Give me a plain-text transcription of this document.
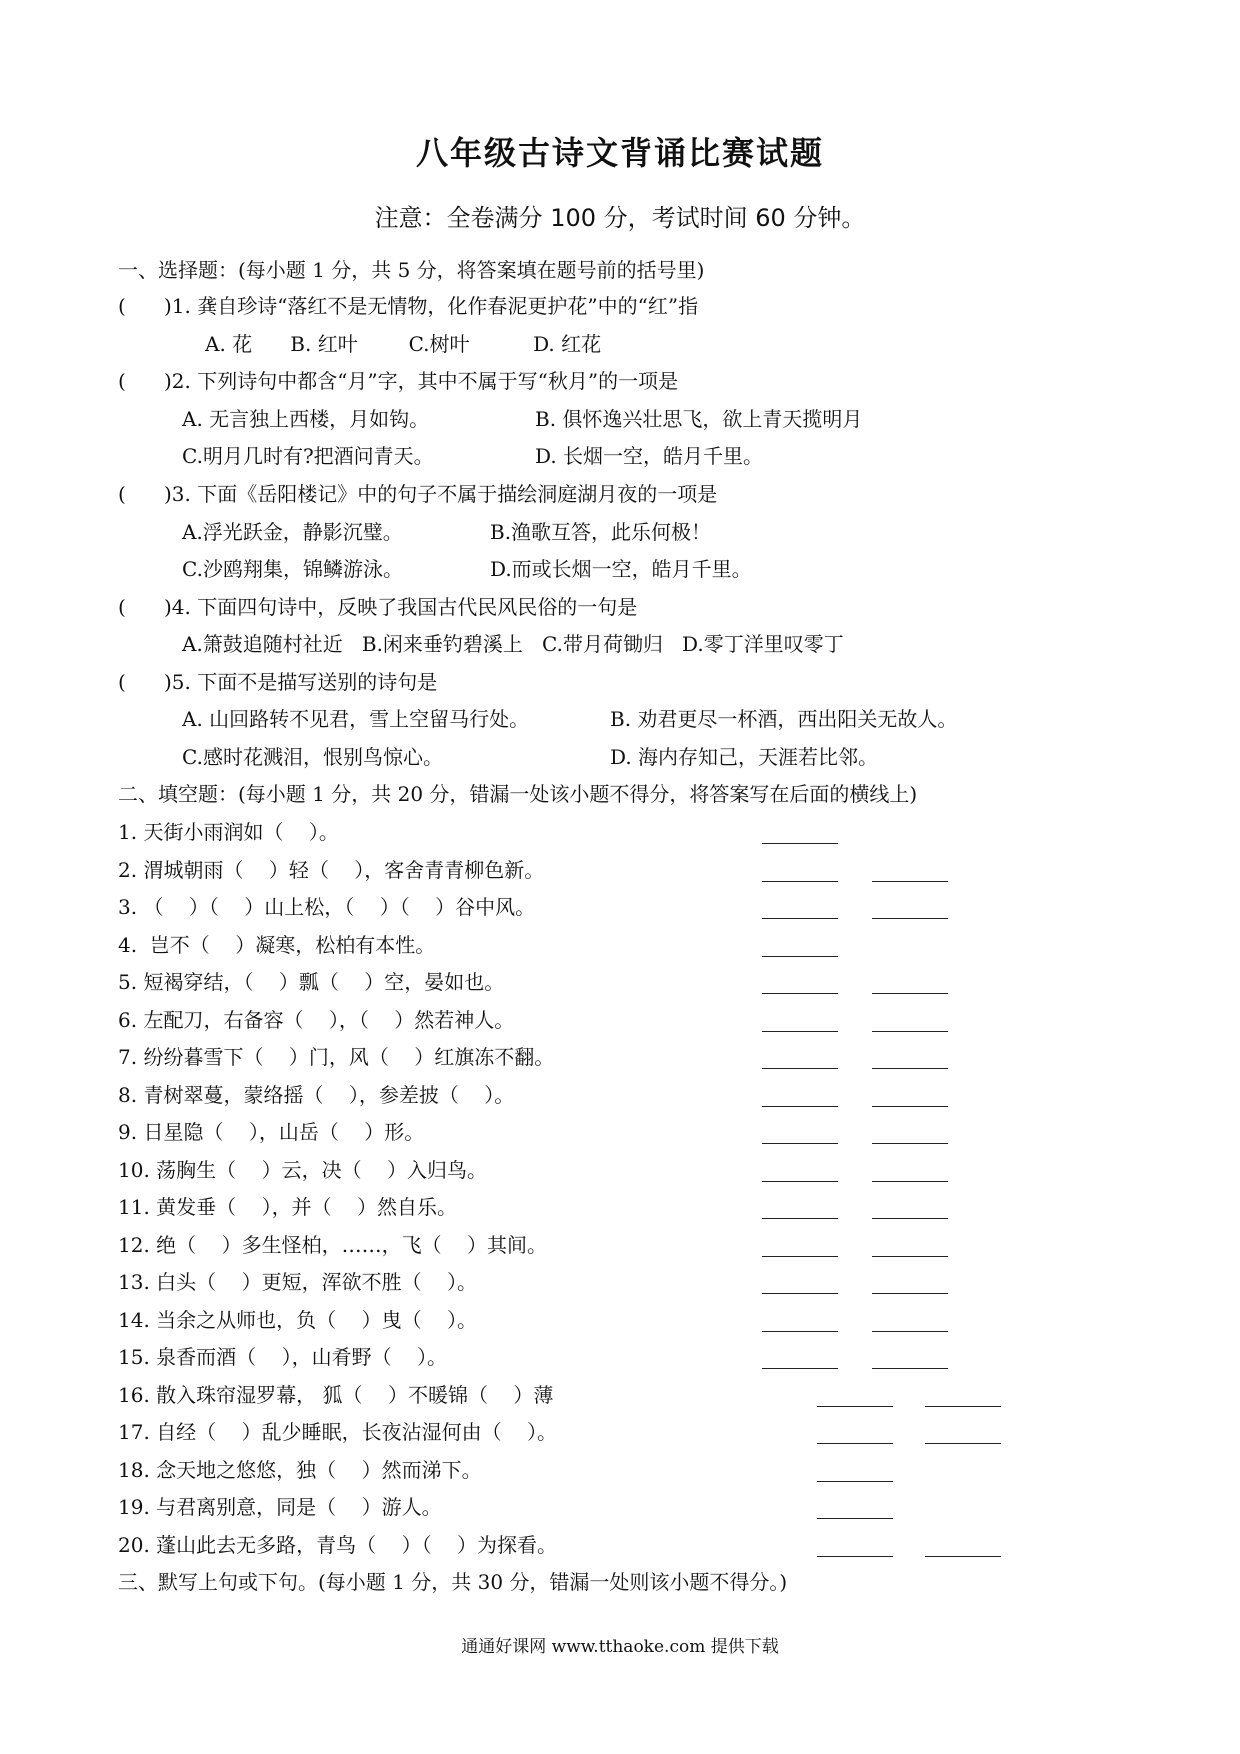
八年级古诗文背诵比赛试题
注意：全卷满分 100 分，考试时间 60 分钟。
一、选择题：(每小题 1 分，共 5 分，将答案填在题号前的括号里)
(      )1. 龚自珍诗“落红不是无情物，化作春泥更护花”中的“红”指
A. 花      B. 红叶        C.树叶          D. 红花
(      )2. 下列诗句中都含“月”字，其中不属于写“秋月”的一项是
A. 无言独上西楼，月如钩。	B. 俱怀逸兴壮思飞，欲上青天揽明月
C.明月几时有?把酒问青天。	D. 长烟一空，皓月千里。
(      )3. 下面《岳阳楼记》中的句子不属于描绘洞庭湖月夜的一项是
A.浮光跃金，静影沉璧。	B.渔歌互答，此乐何极！
C.沙鸥翔集，锦鳞游泳。	D.而或长烟一空，皓月千里。
(      )4. 下面四句诗中，反映了我国古代民风民俗的一句是
A.箫鼓追随村社近   B.闲来垂钓碧溪上   C.带月荷锄归   D.零丁洋里叹零丁
(      )5. 下面不是描写送别的诗句是
A. 山回路转不见君，雪上空留马行处。	B. 劝君更尽一杯酒，西出阳关无故人。
C.感时花溅泪，恨别鸟惊心。	D. 海内存知己，天涯若比邻。
二、填空题：(每小题 1 分，共 20 分，错漏一处该小题不得分，将答案写在后面的横线上)
1. 天街小雨润如（    ）。
2. 渭城朝雨（    ）轻（    ），客舍青青柳色新。
3. （    ）（    ）山上松，（    ）（    ）谷中风。
4.  岂不（    ）凝寒，松柏有本性。
5. 短褐穿结，（    ）瓢（    ）空，晏如也。
6. 左配刀，右备容（    ），（    ）然若神人。
7. 纷纷暮雪下（    ）门，风（    ）红旗冻不翻。
8. 青树翠蔓，蒙络摇（    ），参差披（    ）。
9. 日星隐（    ），山岳（    ）形。
10. 荡胸生（    ）云，决（    ）入归鸟。
11. 黄发垂（    ），并（    ）然自乐。
12. 绝（    ）多生怪柏，……，飞（    ）其间。
13. 白头（    ）更短，浑欲不胜（    ）。
14. 当余之从师也，负（    ）曳（    ）。
15. 泉香而酒（    ），山肴野（    ）。
16. 散入珠帘湿罗幕， 狐（    ）不暖锦（    ）薄
17. 自经（    ）乱少睡眠，长夜沾湿何由（    ）。
18. 念天地之悠悠，独（    ）然而涕下。
19. 与君离别意，同是（    ）游人。
20. 蓬山此去无多路，青鸟（    ）（    ）为探看。
三、默写上句或下句。(每小题 1 分，共 30 分，错漏一处则该小题不得分。)
通通好课网 www.tthaoke.com 提供下载
